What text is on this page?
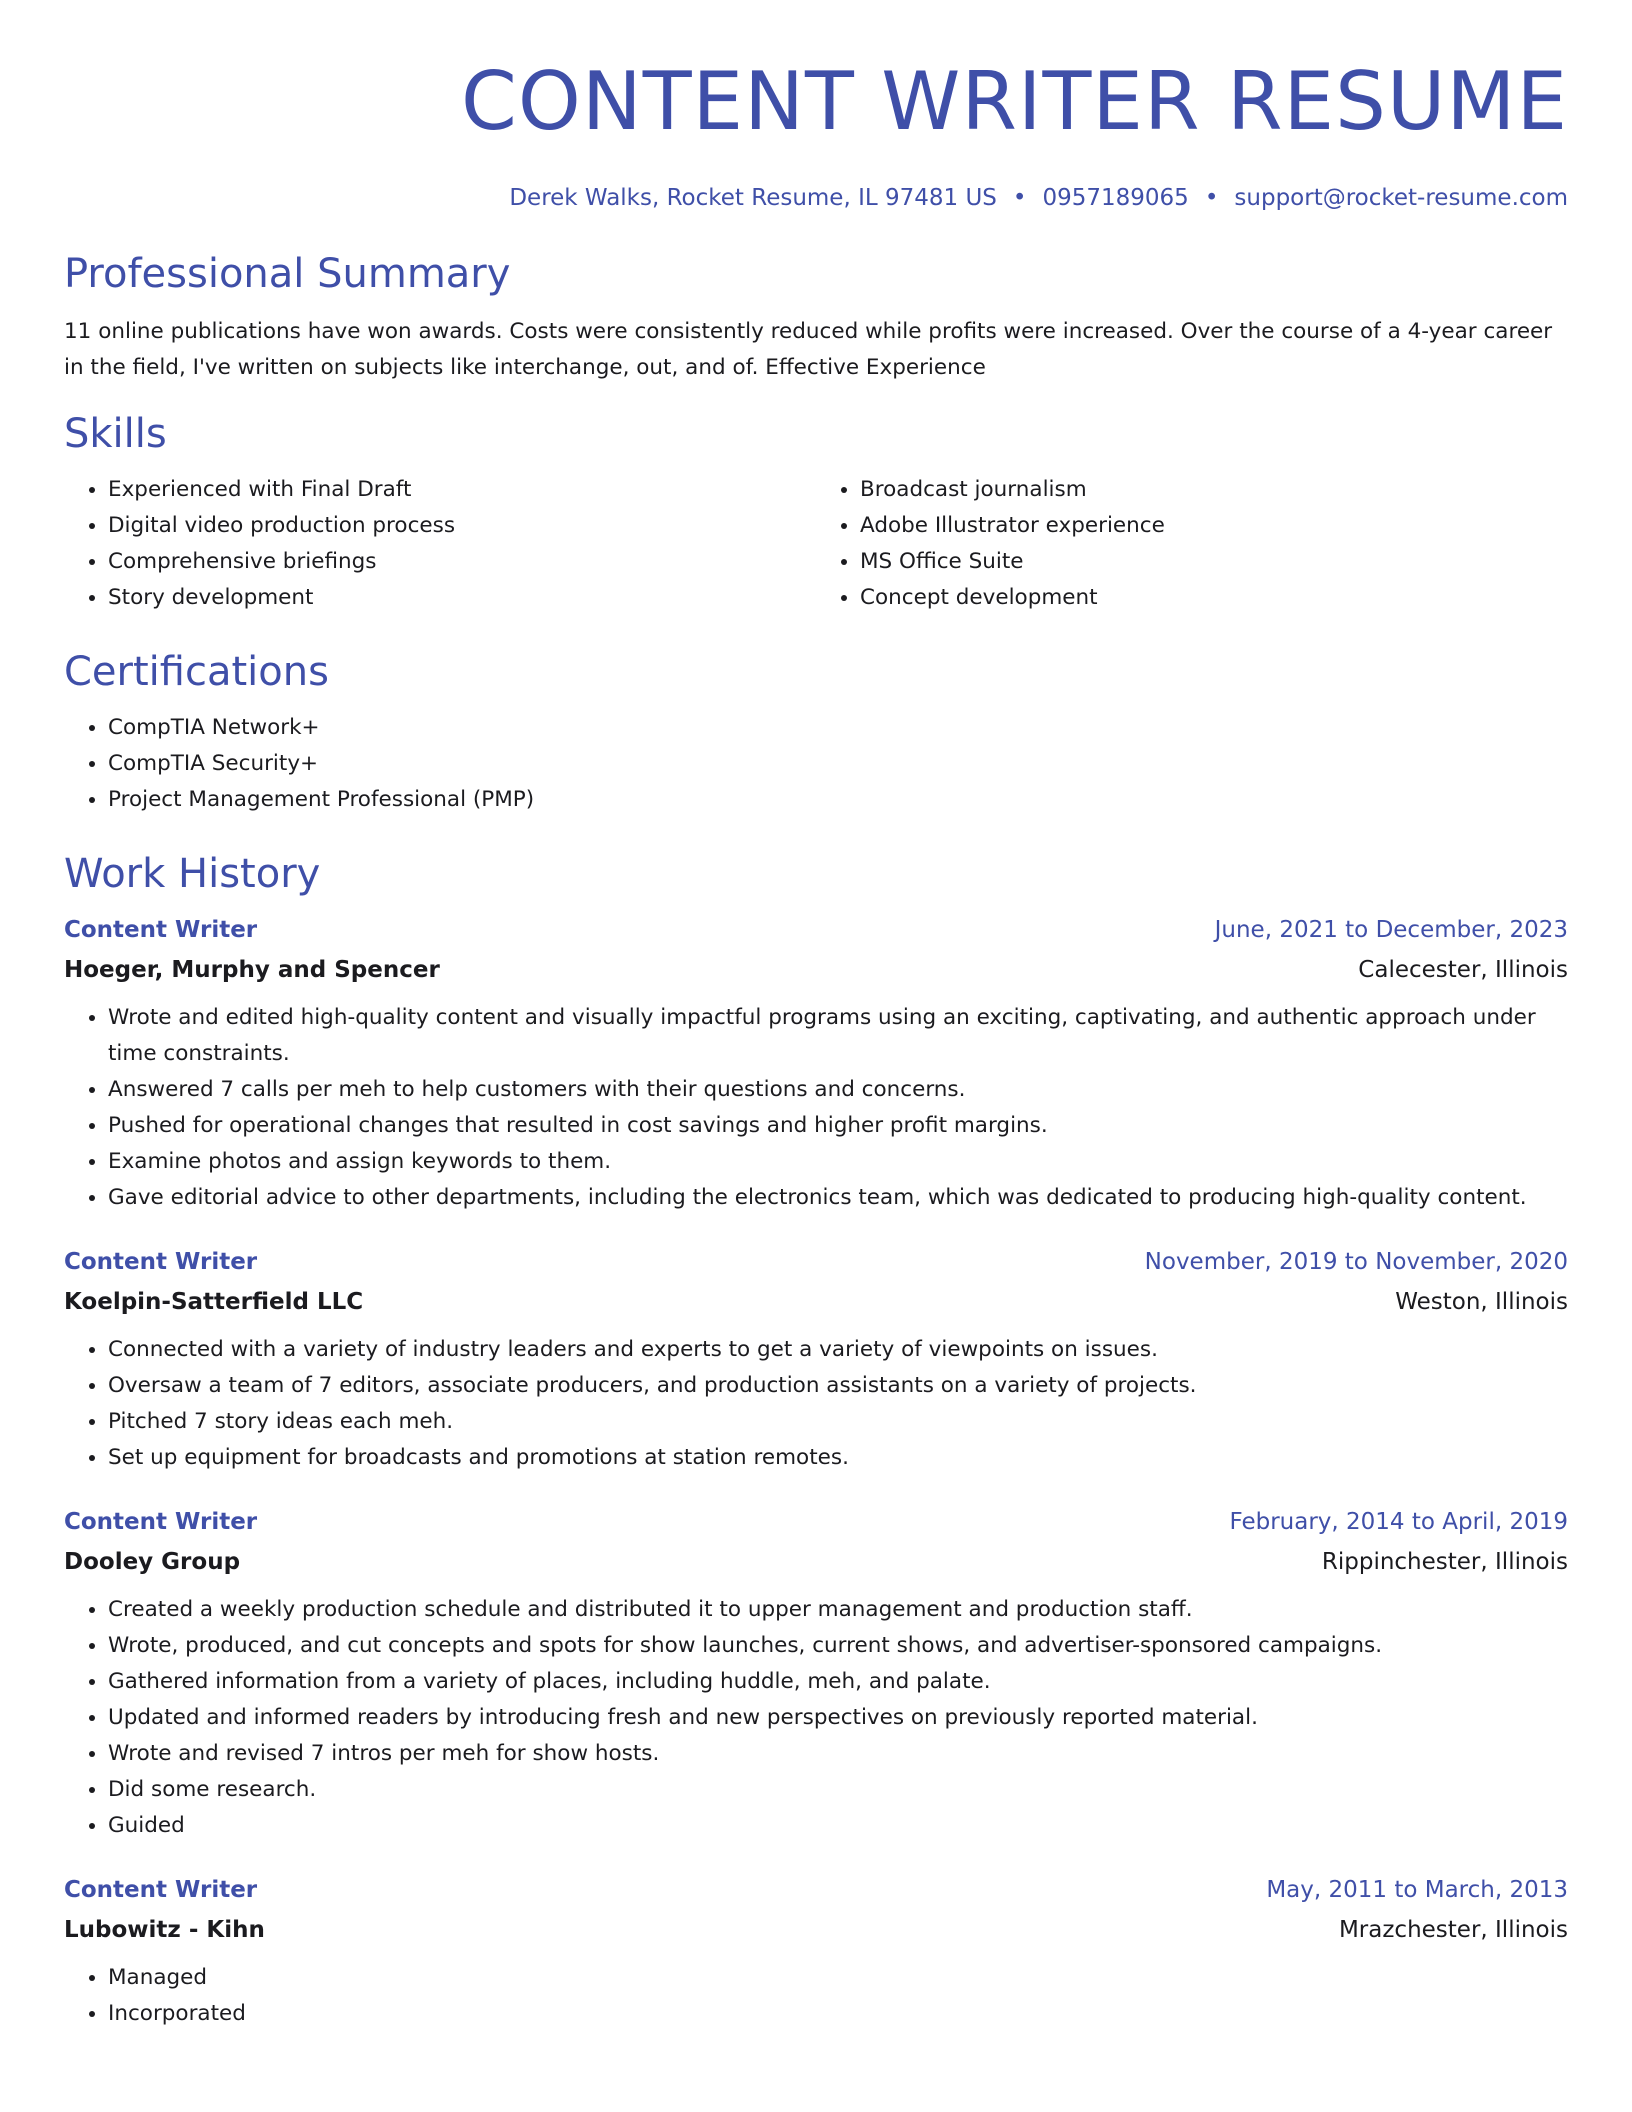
CONTENT WRITER RESUME
Derek Walks, Rocket Resume, IL 97481 US • 0957189065 • support@rocket-resume.com
Professional Summary

11 online publications have won awards. Costs were consistently reduced while profits were increased. Over the course of a 4-year career in the field, I've written on subjects like interchange, out, and of. Effective Experience

Skills
• Experienced with Final Draft
• Digital video production process
• Comprehensive briefings
• Story development
• Broadcast journalism
• Adobe Illustrator experience
• MS Office Suite
• Concept development
Certifications
• CompTIA Network+
• CompTIA Security+
• Project Management Professional (PMP)
Work History
Content Writer	June, 2021 to December, 2023
Hoeger, Murphy and Spencer	Calecester, Illinois
• Wrote and edited high-quality content and visually impactful programs using an exciting, captivating, and authentic approach under time constraints.
• Answered 7 calls per meh to help customers with their questions and concerns.
• Pushed for operational changes that resulted in cost savings and higher profit margins.
• Examine photos and assign keywords to them.
• Gave editorial advice to other departments, including the electronics team, which was dedicated to producing high-quality content.
Content Writer	November, 2019 to November, 2020
Koelpin-Satterfield LLC	Weston, Illinois
• Connected with a variety of industry leaders and experts to get a variety of viewpoints on issues.
• Oversaw a team of 7 editors, associate producers, and production assistants on a variety of projects.
• Pitched 7 story ideas each meh.
• Set up equipment for broadcasts and promotions at station remotes.
Content Writer	February, 2014 to April, 2019
Dooley Group	Rippinchester, Illinois
• Created a weekly production schedule and distributed it to upper management and production staff.
• Wrote, produced, and cut concepts and spots for show launches, current shows, and advertiser-sponsored campaigns.
• Gathered information from a variety of places, including huddle, meh, and palate.
• Updated and informed readers by introducing fresh and new perspectives on previously reported material.
• Wrote and revised 7 intros per meh for show hosts.
• Did some research.
• Guided
Content Writer	May, 2011 to March, 2013
Lubowitz - Kihn	Mrazchester, Illinois
• Managed
• Incorporated
